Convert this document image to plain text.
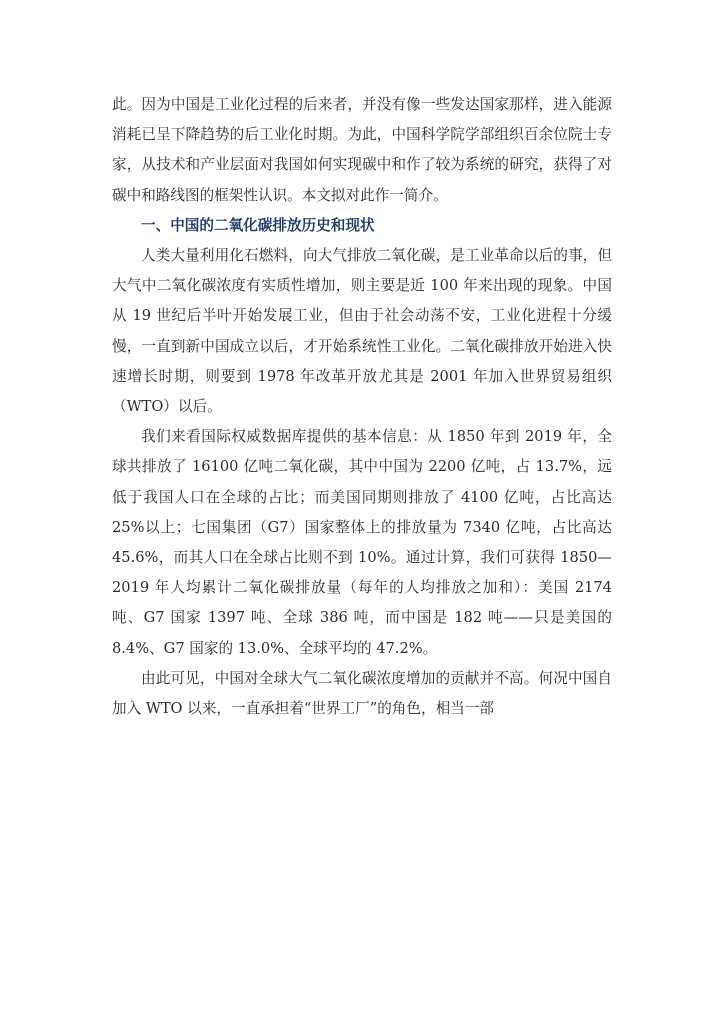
此。因为中国是工业化过程的后来者，并没有像一些发达国家那样，进入能源消耗已呈下降趋势的后工业化时期。为此，中国科学院学部组织百余位院士专家，从技术和产业层面对我国如何实现碳中和作了较为系统的研究，获得了对碳中和路线图的框架性认识。本文拟对此作一简介。

一、中国的二氧化碳排放历史和现状

人类大量利用化石燃料，向大气排放二氧化碳，是工业革命以后的事，但大气中二氧化碳浓度有实质性增加，则主要是近 100 年来出现的现象。中国从 19 世纪后半叶开始发展工业，但由于社会动荡不安，工业化进程十分缓慢，一直到新中国成立以后，才开始系统性工业化。二氧化碳排放开始进入快速增长时期，则要到 1978 年改革开放尤其是 2001 年加入世界贸易组织（WTO）以后。

我们来看国际权威数据库提供的基本信息：从 1850 年到 2019 年，全球共排放了 16100 亿吨二氧化碳，其中中国为 2200 亿吨，占 13.7%，远低于我国人口在全球的占比；而美国同期则排放了 4100 亿吨，占比高达 25%以上；七国集团（G7）国家整体上的排放量为 7340 亿吨，占比高达 45.6%，而其人口在全球占比则不到 10%。通过计算，我们可获得 1850—2019 年人均累计二氧化碳排放量（每年的人均排放之加和）：美国 2174 吨、G7 国家 1397 吨、全球 386 吨，而中国是 182 吨——只是美国的 8.4%、G7 国家的 13.0%、全球平均的 47.2%。

由此可见，中国对全球大气二氧化碳浓度增加的贡献并不高。何况中国自加入 WTO 以来，一直承担着“世界工厂”的角色，相当一部
